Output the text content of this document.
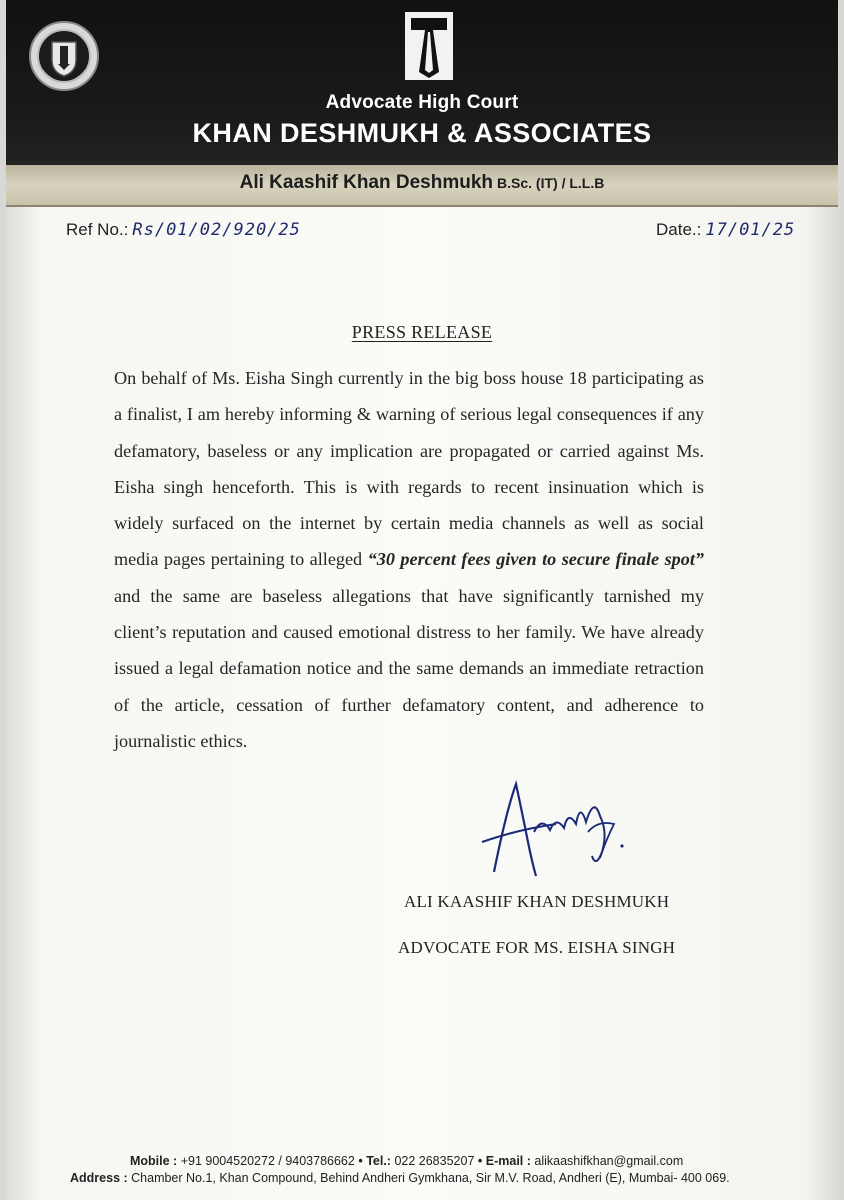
Advocate High Court
KHAN DESHMUKH & ASSOCIATES
Ali Kaashif Khan Deshmukh B.Sc. (IT) / L.L.B
Ref No.: Rs/01/02/920/25	Date.: 17/01/25
PRESS RELEASE
On behalf of Ms. Eisha Singh currently in the big boss house 18 participating as a finalist, I am hereby informing & warning of serious legal consequences if any defamatory, baseless or any implication are propagated or carried against Ms. Eisha singh henceforth. This is with regards to recent insinuation which is widely surfaced on the internet by certain media channels as well as social media pages pertaining to alleged “30 percent fees given to secure finale spot” and the same are baseless allegations that have significantly tarnished my client’s reputation and caused emotional distress to her family. We have already issued a legal defamation notice and the same demands an immediate retraction of the article, cessation of further defamatory content, and adherence to journalistic ethics.
ALI KAASHIF KHAN DESHMUKH
ADVOCATE FOR MS. EISHA SINGH
Mobile : +91 9004520272 / 9403786662 • Tel.: 022 26835207 • E-mail : alikaashifkhan@gmail.com
Address : Chamber No.1, Khan Compound, Behind Andheri Gymkhana, Sir M.V. Road, Andheri (E), Mumbai- 400 069.
